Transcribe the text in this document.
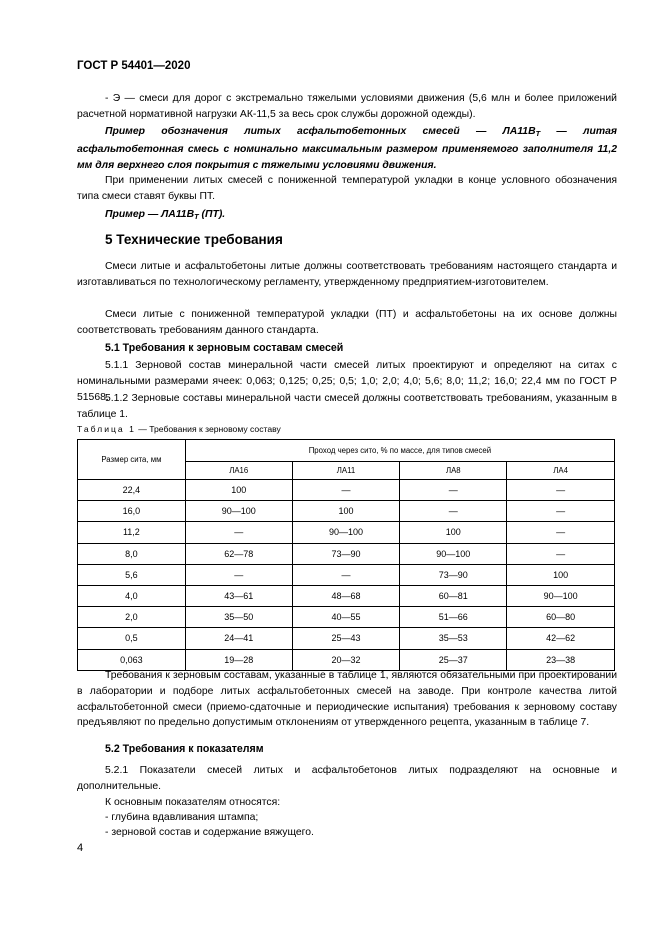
ГОСТ Р 54401—2020
- Э — смеси для дорог с экстремально тяжелыми условиями движения (5,6 млн и более приложений расчетной нормативной нагрузки АК-11,5 за весь срок службы дорожной одежды).
Пример обозначения литых асфальтобетонных смесей — $ЛА11В_Т$ — литая асфальтобетонная смесь с номинально максимальным размером применяемого заполнителя 11,2 мм для верхнего слоя покрытия с тяжелыми условиями движения.
При применении литых смесей с пониженной температурой укладки в конце условного обозначения типа смеси ставят буквы ПТ.
Пример — $ЛА11В_Т$ (ПТ).
5 Технические требования
Смеси литые и асфальтобетоны литые должны соответствовать требованиям настоящего стандарта и изготавливаться по технологическому регламенту, утвержденному предприятием-изготовителем.
Смеси литые с пониженной температурой укладки (ПТ) и асфальтобетоны на их основе должны соответствовать требованиям данного стандарта.
5.1 Требования к зерновым составам смесей
5.1.1 Зерновой состав минеральной части смесей литых проектируют и определяют на ситах с номинальными размерами ячеек: 0,063; 0,125; 0,25; 0,5; 1,0; 2,0; 4,0; 5,6; 8,0; 11,2; 16,0; 22,4 мм по ГОСТ Р 51568.
5.1.2 Зерновые составы минеральной части смесей должны соответствовать требованиям, указанным в таблице 1.
Таблица 1 — Требования к зерновому составу
Размер сита, мм	Проход через сито, % по массе, для типов смесей			
	ЛА16	ЛА11	ЛА8	ЛА4
22,4	100	—	—	—
16,0	90—100	100	—	—
11,2	—	90—100	100	—
8,0	62—78	73—90	90—100	—
5,6	—	—	73—90	100
4,0	43—61	48—68	60—81	90—100
2,0	35—50	40—55	51—66	60—80
0,5	24—41	25—43	35—53	42—62
0,063	19—28	20—32	25—37	23—38
Требования к зерновым составам, указанные в таблице 1, являются обязательными при проектировании в лаборатории и подборе литых асфальтобетонных смесей на заводе. При контроле качества литой асфальтобетонной смеси (приемо-сдаточные и периодические испытания) требования к зерновому составу предъявляют по предельно допустимым отклонениям от утвержденного рецепта, указанным в таблице 7.
5.2 Требования к показателям
5.2.1 Показатели смесей литых и асфальтобетонов литых подразделяют на основные и дополнительные.
К основным показателям относятся:
- глубина вдавливания штампа;
- зерновой состав и содержание вяжущего.
4
